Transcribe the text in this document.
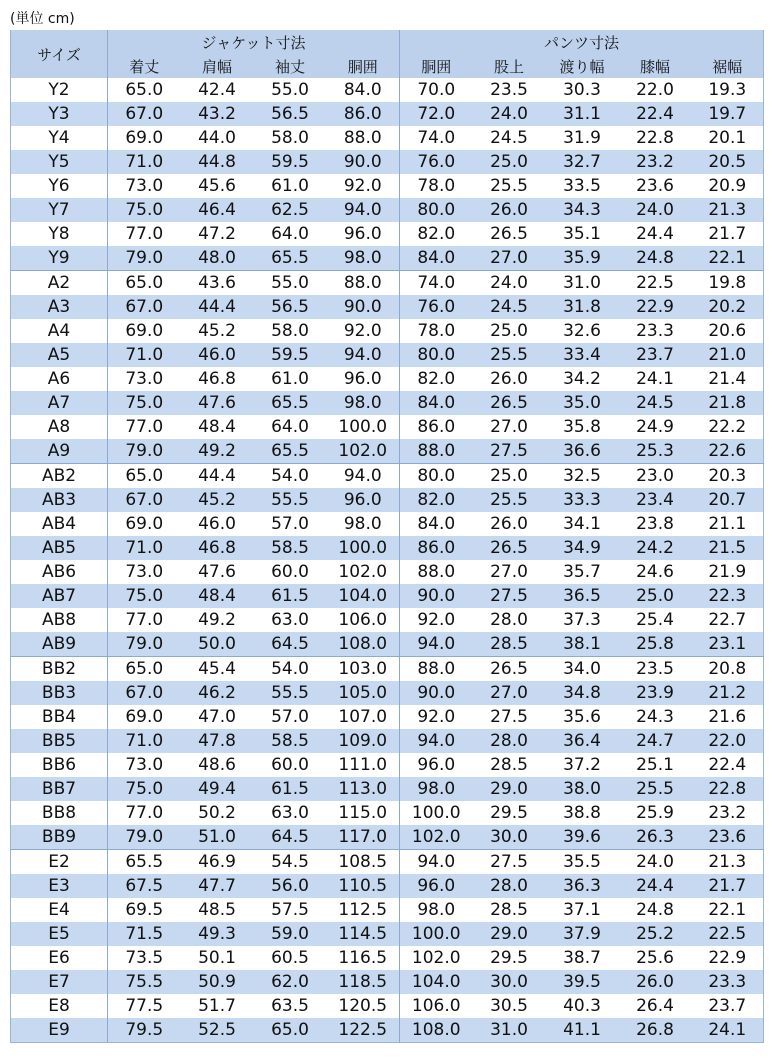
(単位 cm)
サイズ	ジャケット寸法				パンツ寸法				
	着丈	肩幅	袖丈	胴囲	胴囲	股上	渡り幅	膝幅	裾幅
Y2	65.0	42.4	55.0	84.0	70.0	23.5	30.3	22.0	19.3
Y3	67.0	43.2	56.5	86.0	72.0	24.0	31.1	22.4	19.7
Y4	69.0	44.0	58.0	88.0	74.0	24.5	31.9	22.8	20.1
Y5	71.0	44.8	59.5	90.0	76.0	25.0	32.7	23.2	20.5
Y6	73.0	45.6	61.0	92.0	78.0	25.5	33.5	23.6	20.9
Y7	75.0	46.4	62.5	94.0	80.0	26.0	34.3	24.0	21.3
Y8	77.0	47.2	64.0	96.0	82.0	26.5	35.1	24.4	21.7
Y9	79.0	48.0	65.5	98.0	84.0	27.0	35.9	24.8	22.1
A2	65.0	43.6	55.0	88.0	74.0	24.0	31.0	22.5	19.8
A3	67.0	44.4	56.5	90.0	76.0	24.5	31.8	22.9	20.2
A4	69.0	45.2	58.0	92.0	78.0	25.0	32.6	23.3	20.6
A5	71.0	46.0	59.5	94.0	80.0	25.5	33.4	23.7	21.0
A6	73.0	46.8	61.0	96.0	82.0	26.0	34.2	24.1	21.4
A7	75.0	47.6	65.5	98.0	84.0	26.5	35.0	24.5	21.8
A8	77.0	48.4	64.0	100.0	86.0	27.0	35.8	24.9	22.2
A9	79.0	49.2	65.5	102.0	88.0	27.5	36.6	25.3	22.6
AB2	65.0	44.4	54.0	94.0	80.0	25.0	32.5	23.0	20.3
AB3	67.0	45.2	55.5	96.0	82.0	25.5	33.3	23.4	20.7
AB4	69.0	46.0	57.0	98.0	84.0	26.0	34.1	23.8	21.1
AB5	71.0	46.8	58.5	100.0	86.0	26.5	34.9	24.2	21.5
AB6	73.0	47.6	60.0	102.0	88.0	27.0	35.7	24.6	21.9
AB7	75.0	48.4	61.5	104.0	90.0	27.5	36.5	25.0	22.3
AB8	77.0	49.2	63.0	106.0	92.0	28.0	37.3	25.4	22.7
AB9	79.0	50.0	64.5	108.0	94.0	28.5	38.1	25.8	23.1
BB2	65.0	45.4	54.0	103.0	88.0	26.5	34.0	23.5	20.8
BB3	67.0	46.2	55.5	105.0	90.0	27.0	34.8	23.9	21.2
BB4	69.0	47.0	57.0	107.0	92.0	27.5	35.6	24.3	21.6
BB5	71.0	47.8	58.5	109.0	94.0	28.0	36.4	24.7	22.0
BB6	73.0	48.6	60.0	111.0	96.0	28.5	37.2	25.1	22.4
BB7	75.0	49.4	61.5	113.0	98.0	29.0	38.0	25.5	22.8
BB8	77.0	50.2	63.0	115.0	100.0	29.5	38.8	25.9	23.2
BB9	79.0	51.0	64.5	117.0	102.0	30.0	39.6	26.3	23.6
E2	65.5	46.9	54.5	108.5	94.0	27.5	35.5	24.0	21.3
E3	67.5	47.7	56.0	110.5	96.0	28.0	36.3	24.4	21.7
E4	69.5	48.5	57.5	112.5	98.0	28.5	37.1	24.8	22.1
E5	71.5	49.3	59.0	114.5	100.0	29.0	37.9	25.2	22.5
E6	73.5	50.1	60.5	116.5	102.0	29.5	38.7	25.6	22.9
E7	75.5	50.9	62.0	118.5	104.0	30.0	39.5	26.0	23.3
E8	77.5	51.7	63.5	120.5	106.0	30.5	40.3	26.4	23.7
E9	79.5	52.5	65.0	122.5	108.0	31.0	41.1	26.8	24.1
